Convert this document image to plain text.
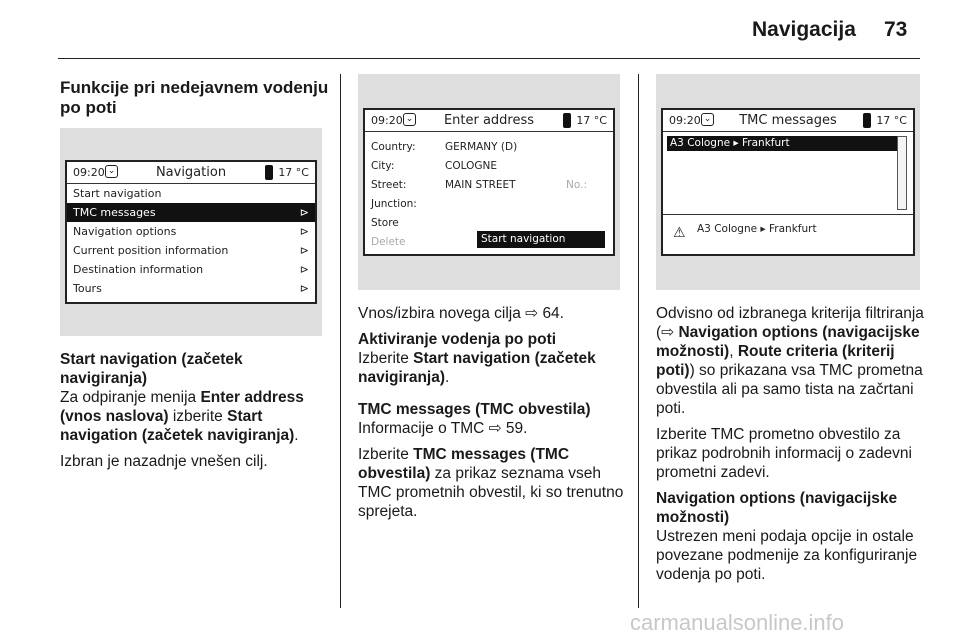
Navigacija 73
Funkcije pri nedejavnem vodenju po poti
09:20 ⌄	Navigation	17 °C
Start navigation
TMC messages	⊳
Navigation options	⊳
Current position information	⊳
Destination information	⊳
Tours	⊳
Start navigation (začetek navigiranja)

Za odpiranje menija Enter address (vnos naslova) izberite Start navigation (začetek navigiranja).

Izbran je nazadnje vnešen cilj.

09:20 ⌄	Enter address	17 °C
Country:	GERMANY (D)
City:	COLOGNE
Street:	MAIN STREET	No.:
Junction:
Store
Delete	Start navigation

Vnos/izbira novega cilja ⇨ 64.

Aktiviranje vodenja po poti

Izberite Start navigation (začetek navigiranja).

TMC messages (TMC obvestila)

Informacije o TMC ⇨ 59.

Izberite TMC messages (TMC obvestila) za prikaz seznama vseh TMC prometnih obvestil, ki so trenutno sprejeta.

09:20 ⌄	TMC messages	17 °C
A3 Cologne ▸ Frankfurt
⚠ A3 Cologne ▸ Frankfurt

Odvisno od izbranega kriterija filtriranja (⇨ Navigation options (navigacijske možnosti), Route criteria (kriterij poti)) so prikazana vsa TMC prometna obvestila ali pa samo tista na začrtani poti.

Izberite TMC prometno obvestilo za prikaz podrobnih informacij o zadevni prometni zadevi.

Navigation options (navigacijske možnosti)

Ustrezen meni podaja opcije in ostale povezane podmenije za konfiguriranje vodenja po poti.

carmanualsonline.info
